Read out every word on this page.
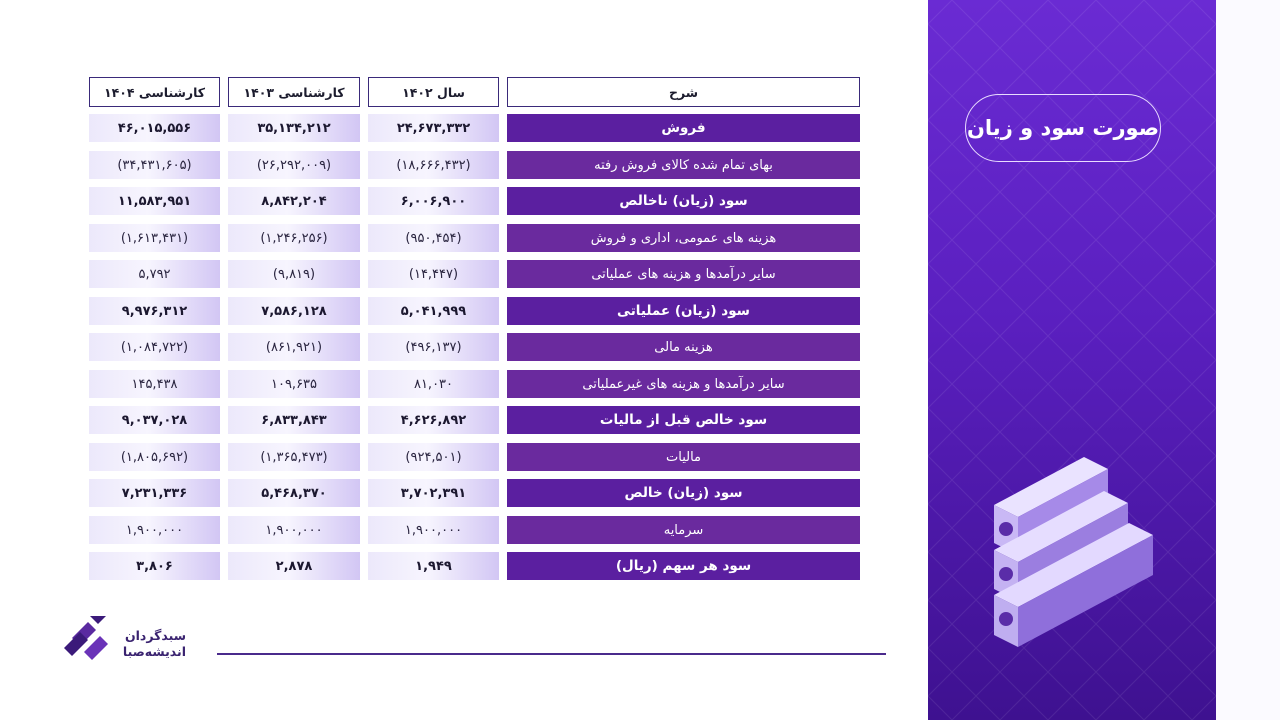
صورت سود و زیان
شرح
سال ۱۴۰۲
کارشناسی ۱۴۰۳
کارشناسی ۱۴۰۴
فروش
۲۴,۶۷۳,۳۳۲
۳۵,۱۳۴,۲۱۲
۴۶,۰۱۵,۵۵۶
بهای تمام شده کالای فروش رفته
(۱۸,۶۶۶,۴۳۲)
(۲۶,۲۹۲,۰۰۹)
(۳۴,۴۳۱,۶۰۵)
سود (زیان) ناخالص
۶,۰۰۶,۹۰۰
۸,۸۴۲,۲۰۴
۱۱,۵۸۳,۹۵۱
هزینه های عمومی، اداری و فروش
(۹۵۰,۴۵۴)
(۱,۲۴۶,۲۵۶)
(۱,۶۱۳,۴۳۱)
سایر درآمدها و هزینه های عملیاتی
(۱۴,۴۴۷)
(۹,۸۱۹)
۵,۷۹۲
سود (زیان) عملیاتی
۵,۰۴۱,۹۹۹
۷,۵۸۶,۱۲۸
۹,۹۷۶,۳۱۲
هزینه مالی
(۴۹۶,۱۳۷)
(۸۶۱,۹۲۱)
(۱,۰۸۴,۷۲۲)
سایر درآمدها و هزینه های غیرعملیاتی
۸۱,۰۳۰
۱۰۹,۶۳۵
۱۴۵,۴۳۸
سود خالص قبل از مالیات
۴,۶۲۶,۸۹۲
۶,۸۳۳,۸۴۳
۹,۰۳۷,۰۲۸
مالیات
(۹۲۴,۵۰۱)
(۱,۳۶۵,۴۷۳)
(۱,۸۰۵,۶۹۲)
سود (زیان) خالص
۳,۷۰۲,۳۹۱
۵,۴۶۸,۳۷۰
۷,۲۳۱,۳۳۶
سرمایه
۱,۹۰۰,۰۰۰
۱,۹۰۰,۰۰۰
۱,۹۰۰,۰۰۰
سود هر سهم (ریال)
۱,۹۴۹
۲,۸۷۸
۳,۸۰۶
سبدگردان
اندیشه‌صبا
